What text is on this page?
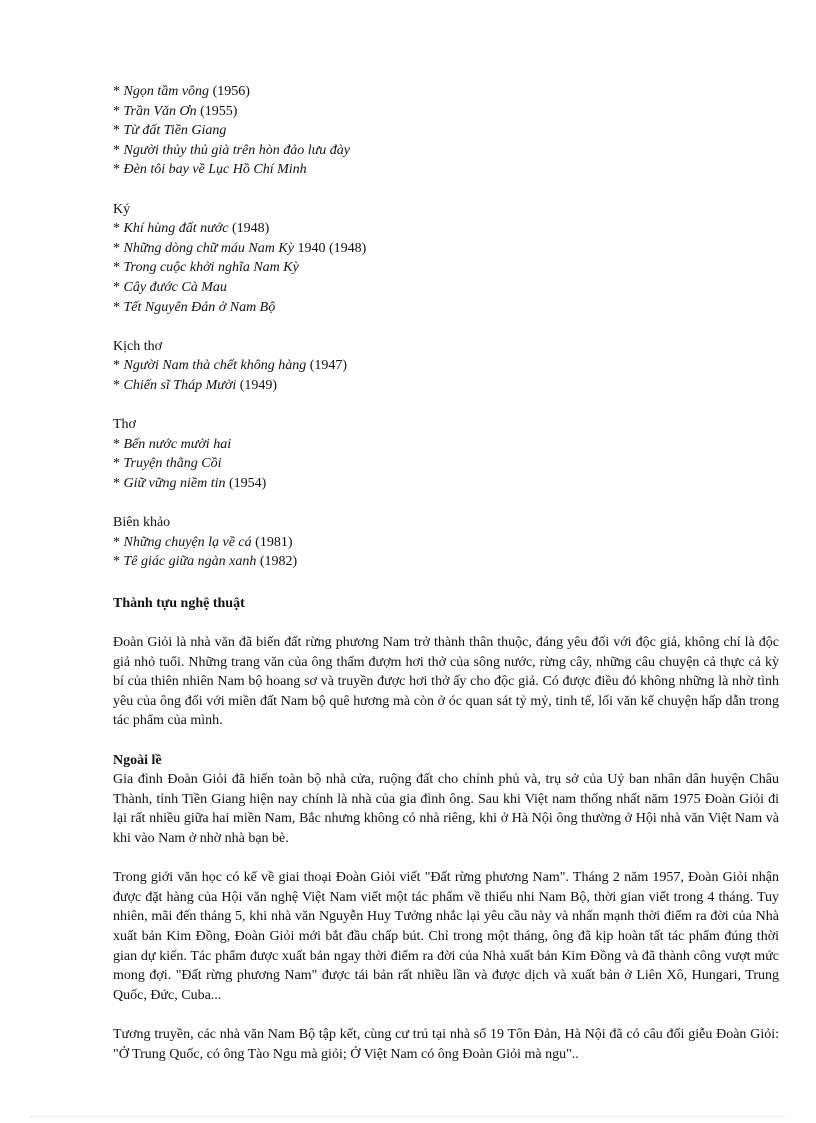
* Ngọn tầm vông (1956)
* Trần Văn Ơn (1955)
* Từ đất Tiền Giang
* Người thủy thủ già trên hòn đảo lưu đày
* Đèn tôi bay về Lục Hồ Chí Minh
Ký
* Khí hùng đất nước (1948)
* Những dòng chữ máu Nam Kỳ 1940 (1948)
* Trong cuộc khởi nghĩa Nam Kỳ
* Cây đước Cà Mau
* Tết Nguyên Đán ở Nam Bộ
Kịch thơ
* Người Nam thà chết không hàng (1947)
* Chiến sĩ Tháp Mười (1949)
Thơ
* Bến nước mười hai
* Truyện thằng Cồi
* Giữ vững niềm tin (1954)
Biên khảo
* Những chuyện lạ về cá (1981)
* Tê giác giữa ngàn xanh (1982)
Thành tựu nghệ thuật
Đoàn Giỏi là nhà văn đã biến đất rừng phương Nam trở thành thân thuộc, đáng yêu đối với độc giả, không chỉ là độc giả nhỏ tuổi. Những trang văn của ông thấm đượm hơi thở của sông nước, rừng cây, những câu chuyện cả thực cả kỳ bí của thiên nhiên Nam bộ hoang sơ và truyền được hơi thở ấy cho độc giả. Có được điều đó không những là nhờ tình yêu của ông đối với miền đất Nam bộ quê hương mà còn ở óc quan sát tỷ mỷ, tinh tế, lối văn kể chuyện hấp dẫn trong tác phẩm của mình.
Ngoài lề
Gia đình Đoàn Giỏi đã hiến toàn bộ nhà cửa, ruộng đất cho chính phủ và, trụ sở của Uỷ ban nhân dân huyện Châu Thành, tỉnh Tiền Giang hiện nay chính là nhà của gia đình ông. Sau khi Việt nam thống nhất năm 1975 Đoàn Giỏi đi lại rất nhiều giữa hai miền Nam, Bắc nhưng không có nhà riêng, khi ở Hà Nội ông thường ở Hội nhà văn Việt Nam và khi vào Nam ở nhờ nhà bạn bè.
Trong giới văn học có kể về giai thoại Đoàn Giỏi viết "Đất rừng phương Nam". Tháng 2 năm 1957, Đoàn Giỏi nhận được đặt hàng của Hội văn nghệ Việt Nam viết một tác phẩm về thiếu nhi Nam Bộ, thời gian viết trong 4 tháng. Tuy nhiên, mãi đến tháng 5, khi nhà văn Nguyễn Huy Tưởng nhắc lại yêu cầu này và nhấn mạnh thời điểm ra đời của Nhà xuất bản Kim Đồng, Đoàn Giỏi mới bắt đầu chấp bút. Chỉ trong một tháng, ông đã kịp hoàn tất tác phẩm đúng thời gian dự kiến. Tác phẩm được xuất bản ngay thời điểm ra đời của Nhà xuất bản Kim Đồng và đã thành công vượt mức mong đợi. "Đất rừng phương Nam" được tái bản rất nhiều lần và được dịch và xuất bản ở Liên Xô, Hungari, Trung Quốc, Đức, Cuba...
Tương truyền, các nhà văn Nam Bộ tập kết, cùng cư trú tại nhà số 19 Tôn Đản, Hà Nội đã có câu đối giễu Đoàn Giỏi: "Ở Trung Quốc, có ông Tào Ngu mà giỏi; Ở Việt Nam có ông Đoàn Giỏi mà ngu"..
